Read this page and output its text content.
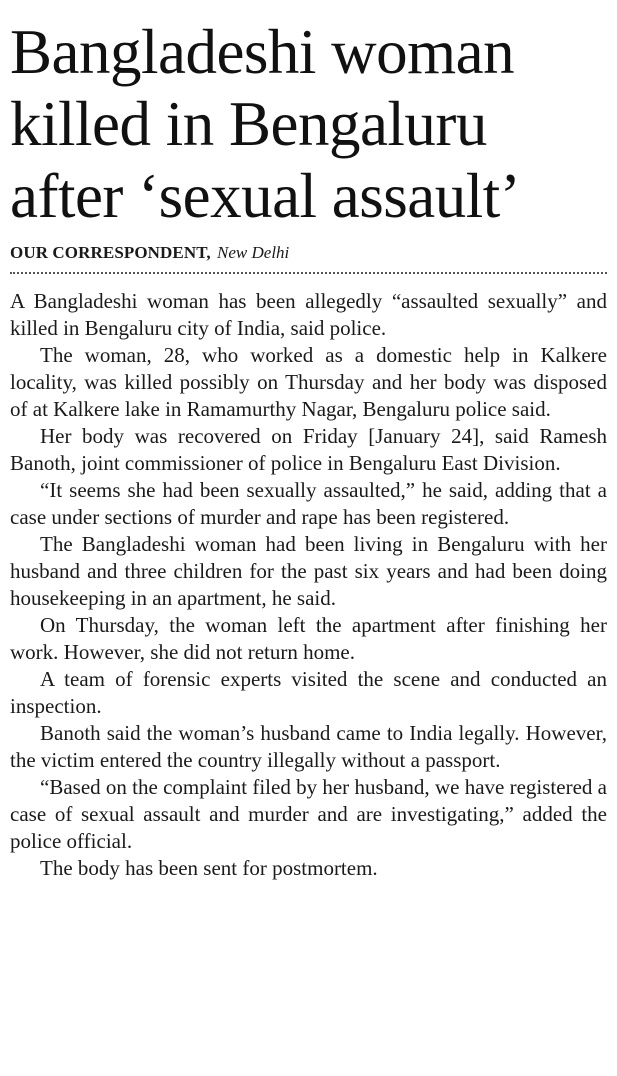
Bangladeshi woman killed in Bengaluru after ‘sexual assault’
OUR CORRESPONDENT, New Delhi

A Bangladeshi woman has been allegedly “assaulted sexually” and killed in Bengaluru city of India, said police.

The woman, 28, who worked as a domestic help in Kalkere locality, was killed possibly on Thursday and her body was disposed of at Kalkere lake in Ramamurthy Nagar, Bengaluru police said.

Her body was recovered on Friday [January 24], said Ramesh Banoth, joint commissioner of police in Bengaluru East Division.

“It seems she had been sexually assaulted,” he said, adding that a case under sections of murder and rape has been registered.

The Bangladeshi woman had been living in Bengaluru with her husband and three children for the past six years and had been doing housekeeping in an apartment, he said.

On Thursday, the woman left the apartment after finishing her work. However, she did not return home.

A team of forensic experts visited the scene and conducted an inspection.

Banoth said the woman’s husband came to India legally. However, the victim entered the country illegally without a passport.

“Based on the complaint filed by her husband, we have registered a case of sexual assault and murder and are investigating,” added the police official.

The body has been sent for postmortem.
